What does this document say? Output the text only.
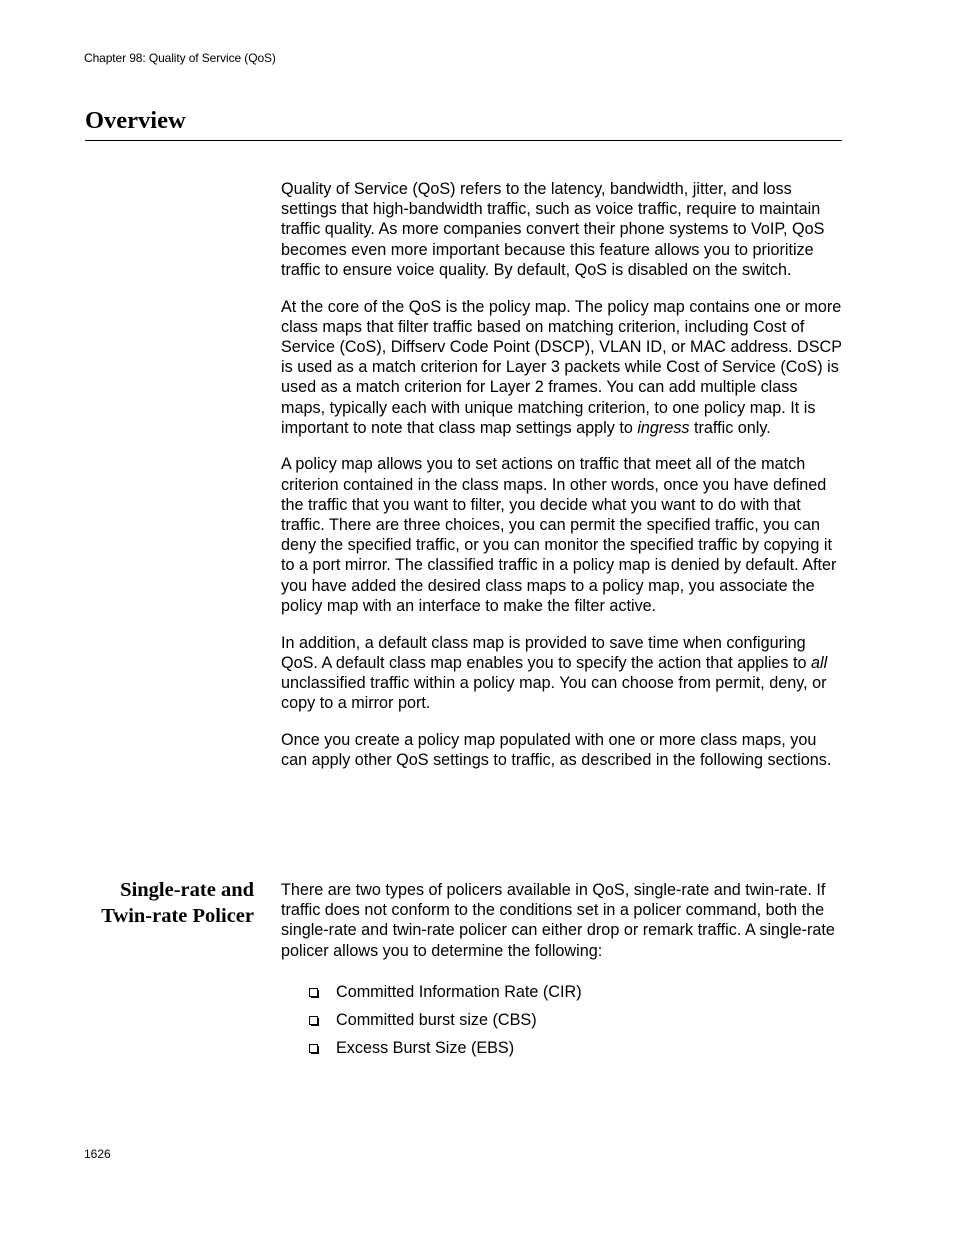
Chapter 98: Quality of Service (QoS)
Overview

Quality of Service (QoS) refers to the latency, bandwidth, jitter, and loss settings that high-bandwidth traffic, such as voice traffic, require to maintain traffic quality. As more companies convert their phone systems to VoIP, QoS becomes even more important because this feature allows you to prioritize traffic to ensure voice quality. By default, QoS is disabled on the switch.

At the core of the QoS is the policy map. The policy map contains one or more class maps that filter traffic based on matching criterion, including Cost of Service (CoS), Diffserv Code Point (DSCP), VLAN ID, or MAC address. DSCP is used as a match criterion for Layer 3 packets while Cost of Service (CoS) is used as a match criterion for Layer 2 frames. You can add multiple class maps, typically each with unique matching criterion, to one policy map. It is important to note that class map settings apply to ingress traffic only.

A policy map allows you to set actions on traffic that meet all of the match criterion contained in the class maps. In other words, once you have defined the traffic that you want to filter, you decide what you want to do with that traffic. There are three choices, you can permit the specified traffic, you can deny the specified traffic, or you can monitor the specified traffic by copying it to a port mirror. The classified traffic in a policy map is denied by default. After you have added the desired class maps to a policy map, you associate the policy map with an interface to make the filter active.

In addition, a default class map is provided to save time when configuring QoS. A default class map enables you to specify the action that applies to all unclassified traffic within a policy map. You can choose from permit, deny, or copy to a mirror port.

Once you create a policy map populated with one or more class maps, you can apply other QoS settings to traffic, as described in the following sections.

Single-rate and
Twin-rate Policer

There are two types of policers available in QoS, single-rate and twin-rate. If traffic does not conform to the conditions set in a policer command, both the single-rate and twin-rate policer can either drop or remark traffic. A single-rate policer allows you to determine the following:

Committed Information Rate (CIR)
Committed burst size (CBS)
Excess Burst Size (EBS)
1626
